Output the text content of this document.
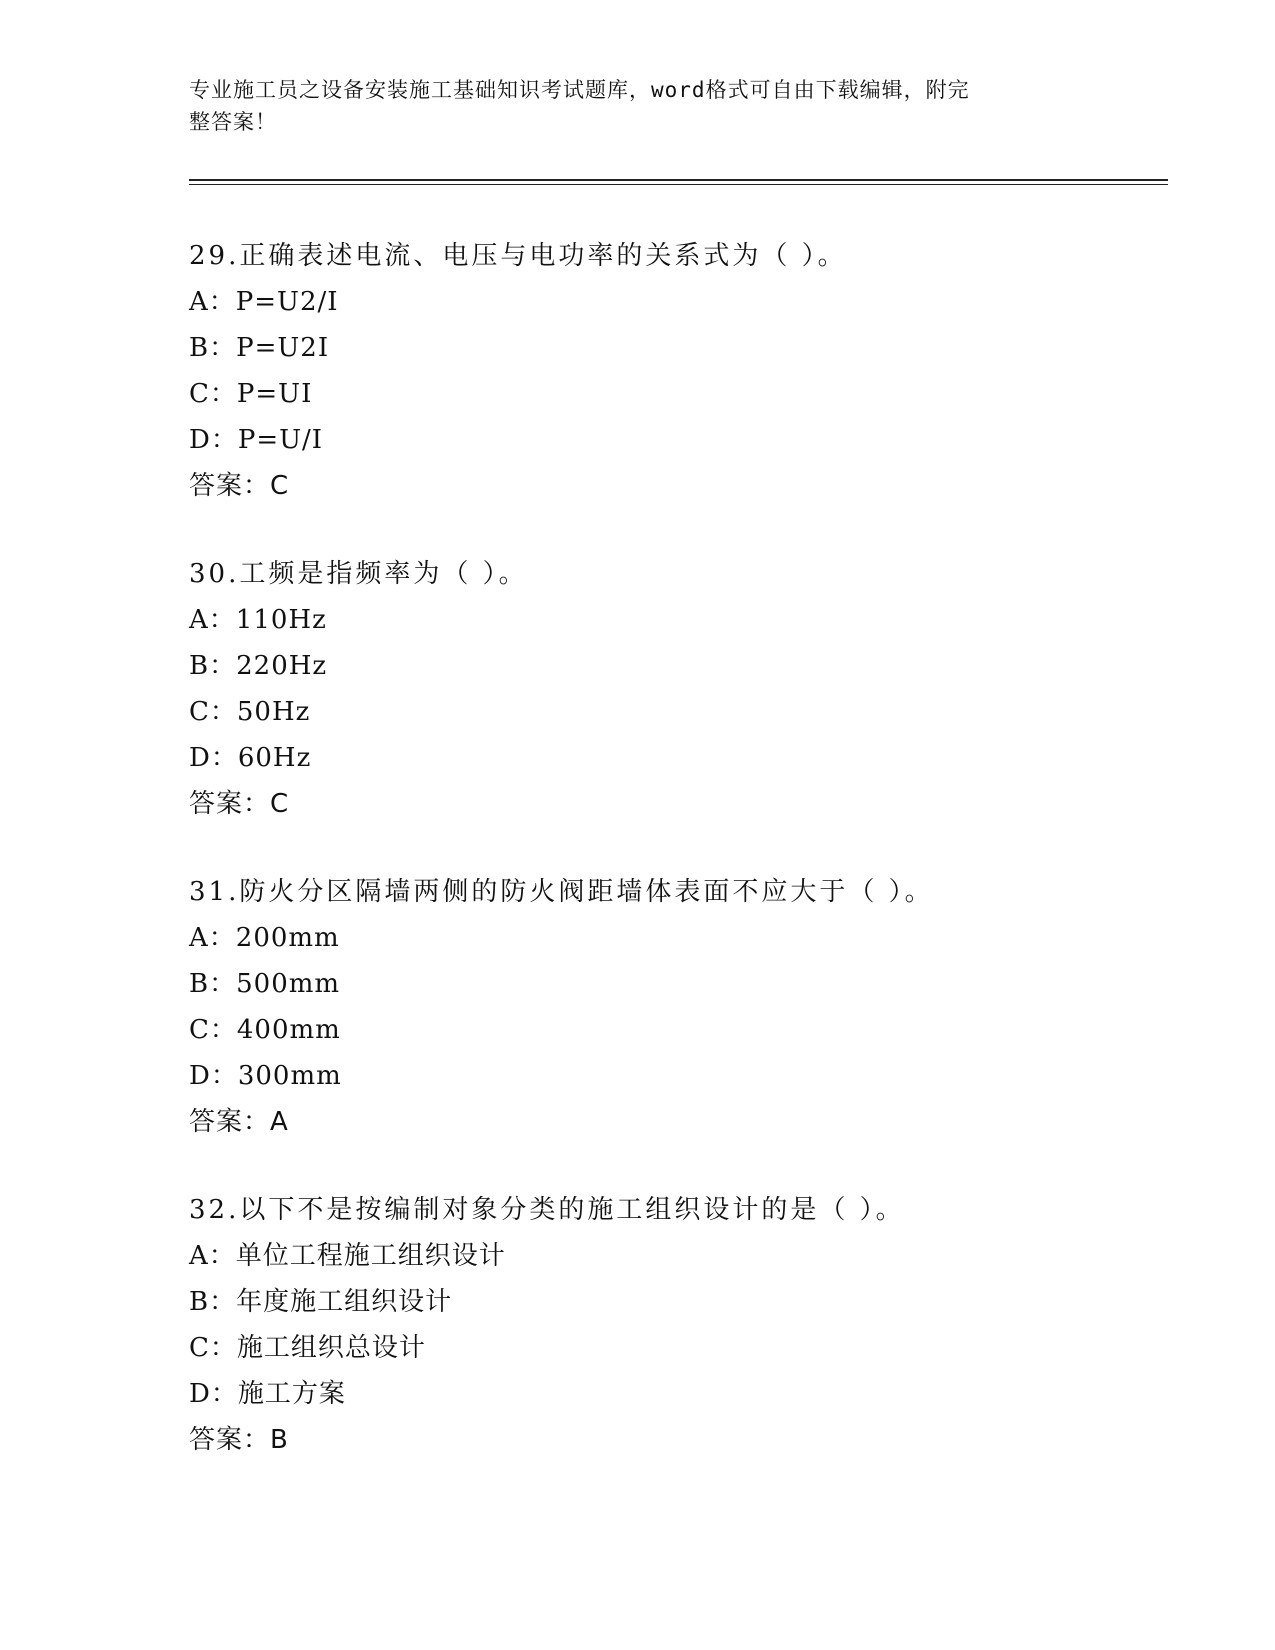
专业施工员之设备安装施工基础知识考试题库，word格式可自由下载编辑，附完
整答案！
29.正确表述电流、电压与电功率的关系式为（ ）。
A：P=U2/I
B：P=U2I
C：P=UI
D：P=U/I
答案：C
30.工频是指频率为（ ）。
A：110Hz
B：220Hz
C：50Hz
D：60Hz
答案：C
31.防火分区隔墙两侧的防火阀距墙体表面不应大于（ ）。
A：200mm
B：500mm
C：400mm
D：300mm
答案：A
32.以下不是按编制对象分类的施工组织设计的是（ ）。
A：单位工程施工组织设计
B：年度施工组织设计
C：施工组织总设计
D：施工方案
答案：B
